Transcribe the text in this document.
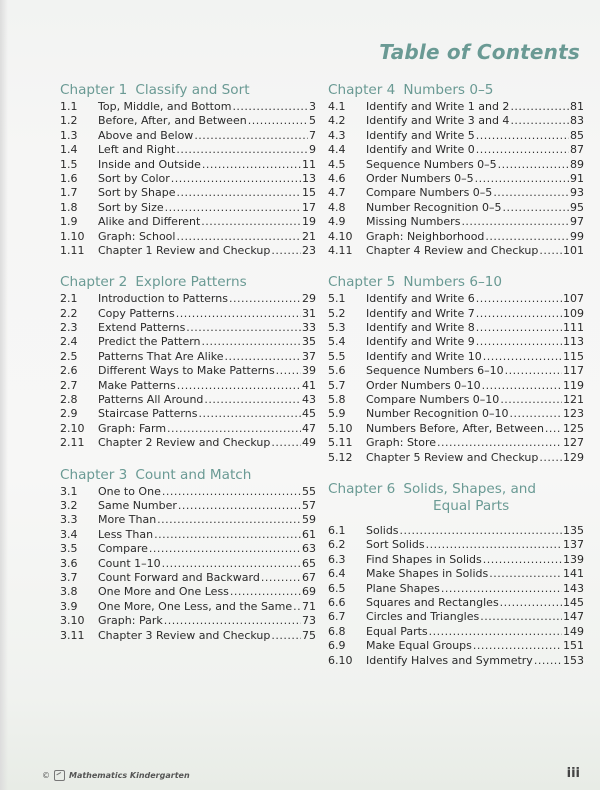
Table of Contents
Chapter 1 Classify and Sort
1.1	Top, Middle, and Bottom .....	3
1.2	Before, After, and Between .....	5
1.3	Above and Below .....	7
1.4	Left and Right .....	9
1.5	Inside and Outside .....	11
1.6	Sort by Color .....	13
1.7	Sort by Shape .....	15
1.8	Sort by Size .....	17
1.9	Alike and Different .....	19
1.10	Graph: School .....	21
1.11	Chapter 1 Review and Checkup .....	23
Chapter 2 Explore Patterns
2.1	Introduction to Patterns .....	29
2.2	Copy Patterns .....	31
2.3	Extend Patterns .....	33
2.4	Predict the Pattern .....	35
2.5	Patterns That Are Alike .....	37
2.6	Different Ways to Make Patterns ..... 39
2.7	Make Patterns .....	41
2.8	Patterns All Around .....	43
2.9	Staircase Patterns .....	45
2.10	Graph: Farm .....	47
2.11	Chapter 2 Review and Checkup .....	49
Chapter 3 Count and Match
3.1	One to One .....	55
3.2	Same Number .....	57
3.3	More Than .....	59
3.4	Less Than .....	61
3.5	Compare .....	63
3.6	Count 1–10 .....	65
3.7	Count Forward and Backward .....	67
3.8	One More and One Less .....	69
3.9	One More, One Less, and the Same ..... 71
3.10	Graph: Park .....	73
3.11	Chapter 3 Review and Checkup .....	75
Chapter 4 Numbers 0–5
4.1	Identify and Write 1 and 2 .....	81
4.2	Identify and Write 3 and 4 .....	83
4.3	Identify and Write 5 .....	85
4.4	Identify and Write 0 .....	87
4.5	Sequence Numbers 0–5 .....	89
4.6	Order Numbers 0–5 .....	91
4.7	Compare Numbers 0–5 .....	93
4.8	Number Recognition 0–5 .....	95
4.9	Missing Numbers .....	97
4.10	Graph: Neighborhood .....	99
4.11	Chapter 4 Review and Checkup ..... 101
Chapter 5 Numbers 6–10
5.1	Identify and Write 6 .....	107
5.2	Identify and Write 7 .....	109
5.3	Identify and Write 8 .....	111
5.4	Identify and Write 9 .....	113
5.5	Identify and Write 10 .....	115
5.6	Sequence Numbers 6–10 .....	117
5.7	Order Numbers 0–10 .....	119
5.8	Compare Numbers 0–10 .....	121
5.9	Number Recognition 0–10 .....	123
5.10	Numbers Before, After, Between ..... 125
5.11	Graph: Store .....	127
5.12	Chapter 5 Review and Checkup ..... 129
Chapter 6 Solids, Shapes, and
Equal Parts
6.1	Solids .....	135
6.2	Sort Solids .....	137
6.3	Find Shapes in Solids .....	139
6.4	Make Shapes in Solids .....	141
6.5	Plane Shapes .....	143
6.6	Squares and Rectangles .....	145
6.7	Circles and Triangles .....	147
6.8	Equal Parts .....	149
6.9	Make Equal Groups .....	151
6.10	Identify Halves and Symmetry .....	153
© Mathematics Kindergarten	iii
